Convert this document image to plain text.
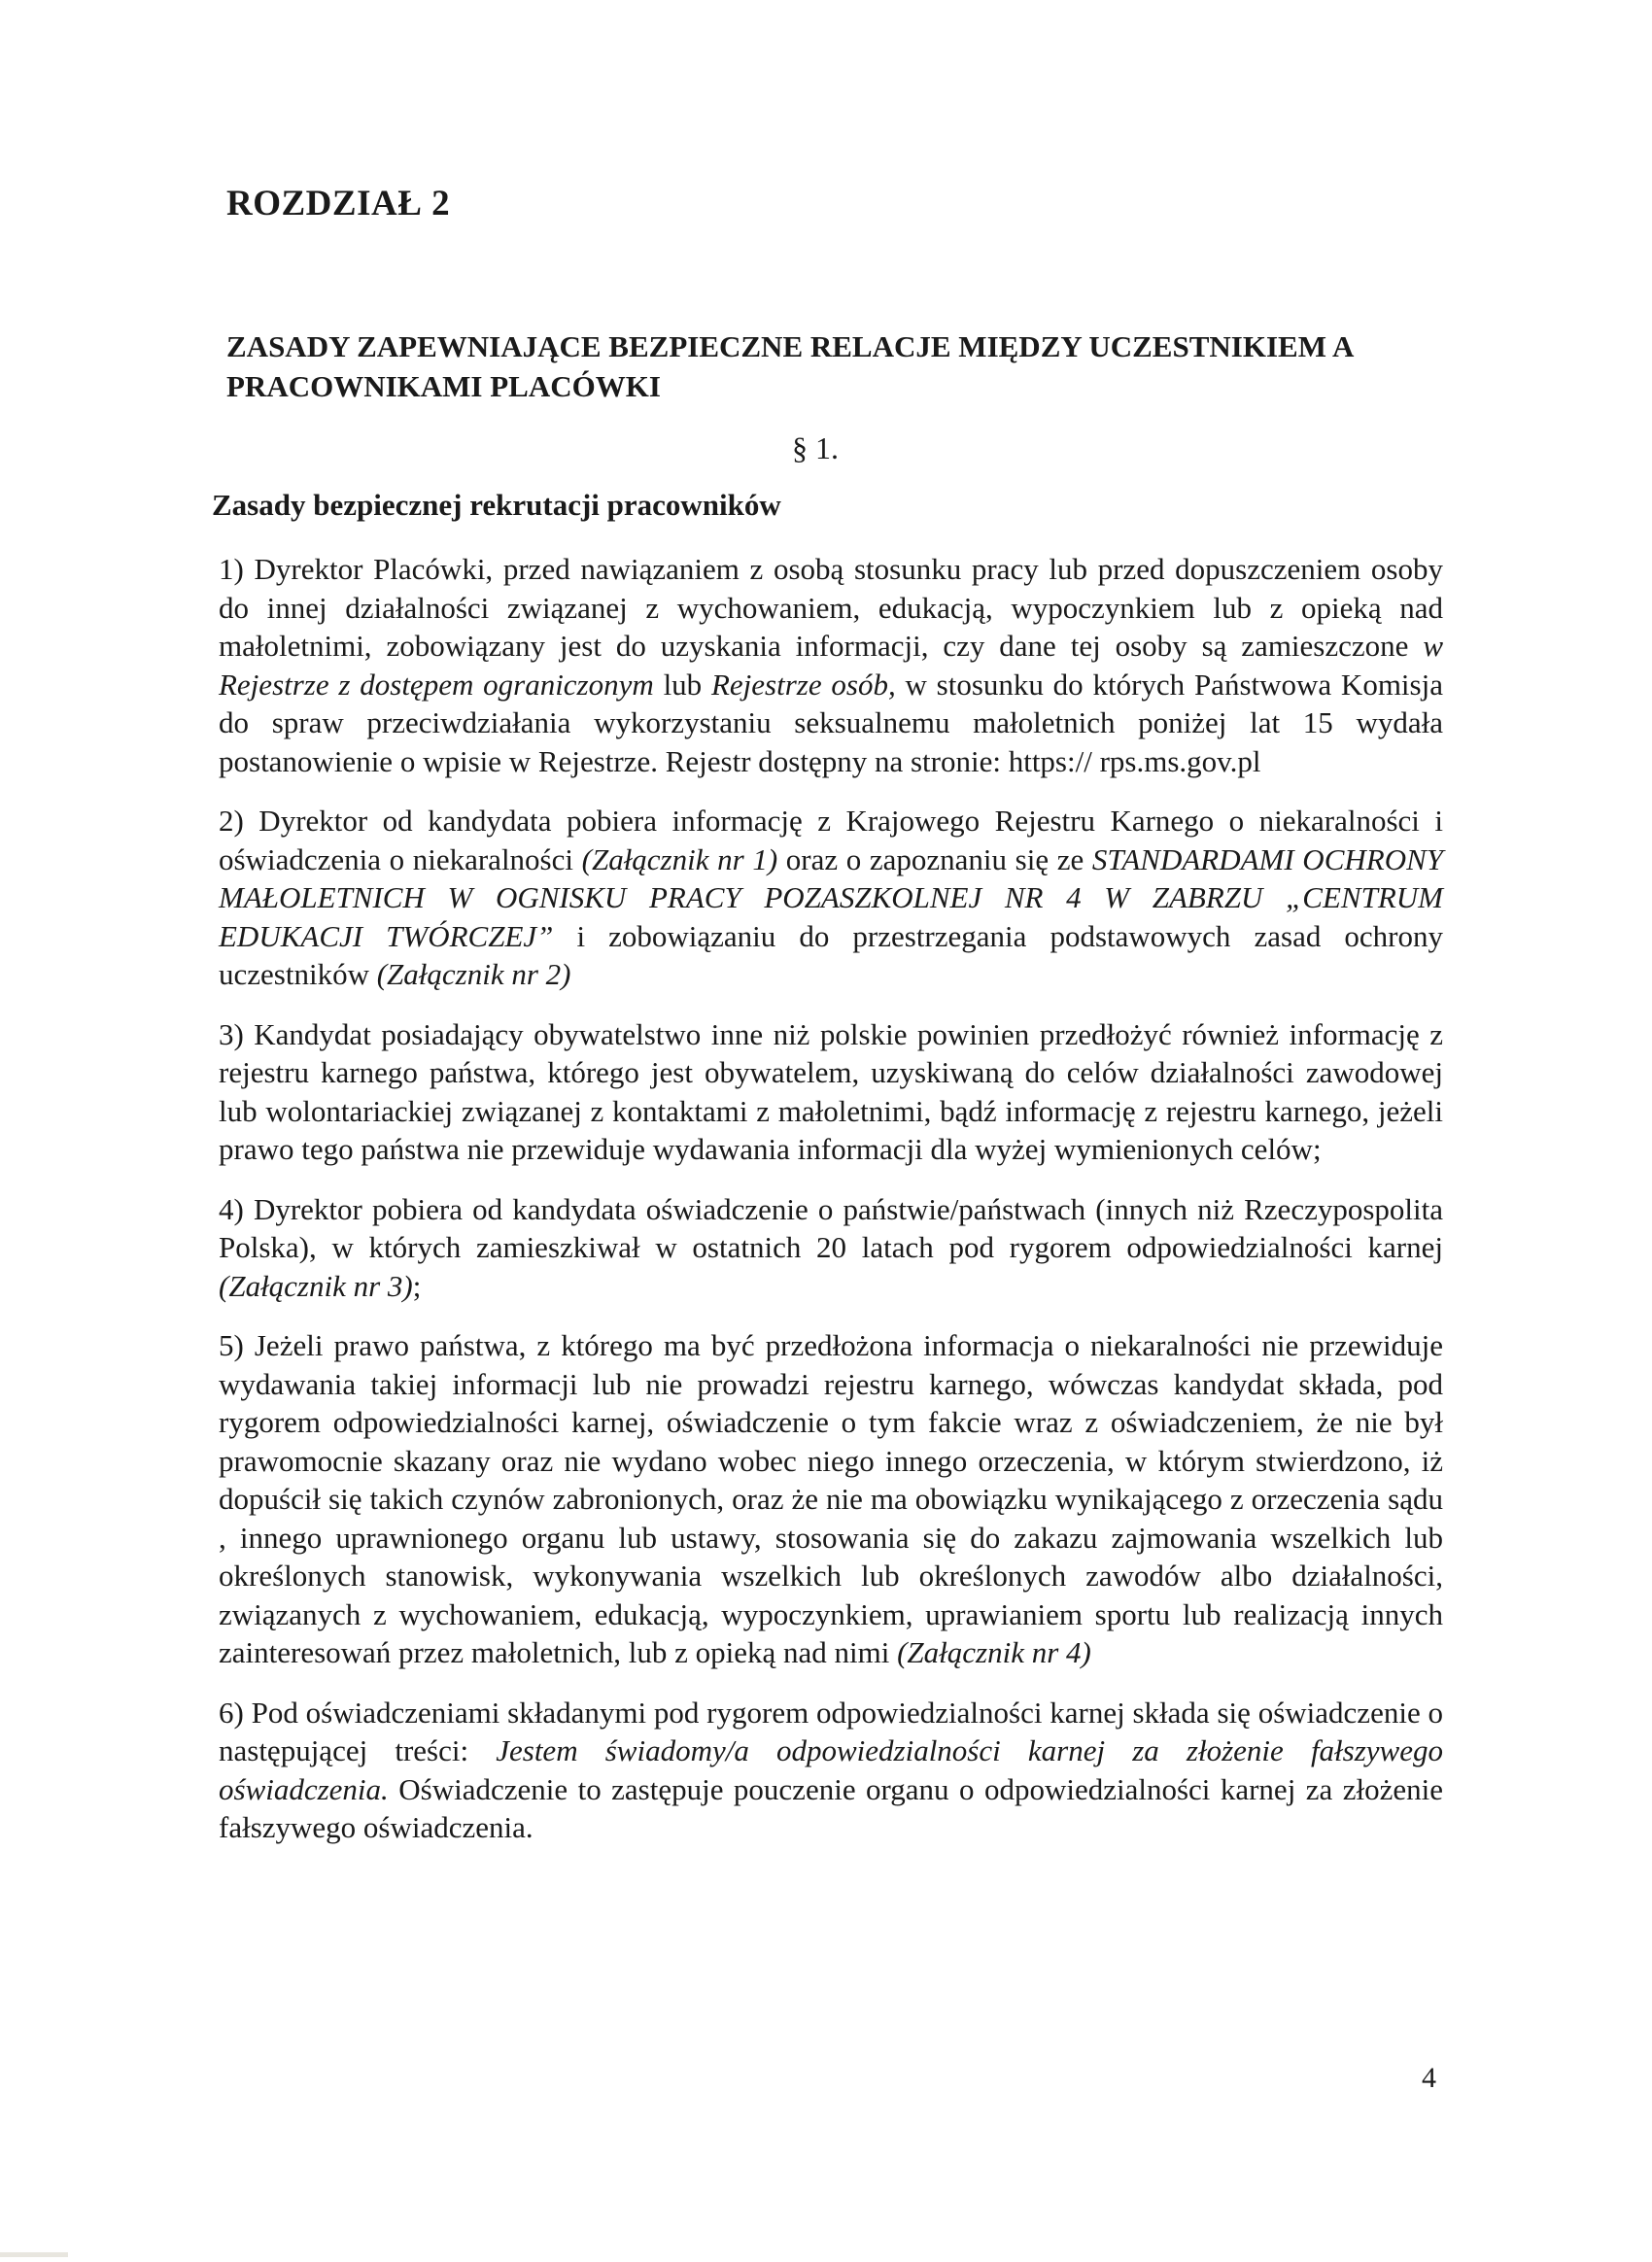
ROZDZIAŁ 2
ZASADY ZAPEWNIAJĄCE BEZPIECZNE RELACJE MIĘDZY UCZESTNIKIEM A PRACOWNIKAMI PLACÓWKI

§ 1.

Zasady bezpiecznej rekrutacji pracowników

1) Dyrektor Placówki, przed nawiązaniem z osobą stosunku pracy lub przed dopuszczeniem osoby do innej działalności związanej z wychowaniem, edukacją, wypoczynkiem lub z opieką nad małoletnimi, zobowiązany jest do uzyskania informacji, czy dane tej osoby są zamieszczone w Rejestrze z dostępem ograniczonym lub Rejestrze osób, w stosunku do których Państwowa Komisja do spraw przeciwdziałania wykorzystaniu seksualnemu małoletnich poniżej lat 15 wydała postanowienie o wpisie w Rejestrze. Rejestr dostępny na stronie: https:// rps.ms.gov.pl

2) Dyrektor od kandydata pobiera informację z Krajowego Rejestru Karnego o niekaralności i oświadczenia o niekaralności (Załącznik nr 1) oraz o zapoznaniu się ze STANDARDAMI OCHRONY MAŁOLETNICH W OGNISKU PRACY POZASZKOLNEJ NR 4 W ZABRZU „CENTRUM EDUKACJI TWÓRCZEJ” i zobowiązaniu do przestrzegania podstawowych zasad ochrony uczestników (Załącznik nr 2)

3) Kandydat posiadający obywatelstwo inne niż polskie powinien przedłożyć również informację z rejestru karnego państwa, którego jest obywatelem, uzyskiwaną do celów działalności zawodowej lub wolontariackiej związanej z kontaktami z małoletnimi, bądź informację z rejestru karnego, jeżeli prawo tego państwa nie przewiduje wydawania informacji dla wyżej wymienionych celów;

4) Dyrektor pobiera od kandydata oświadczenie o państwie/państwach (innych niż Rzeczypospolita Polska), w których zamieszkiwał w ostatnich 20 latach pod rygorem odpowiedzialności karnej (Załącznik nr 3);

5) Jeżeli prawo państwa, z którego ma być przedłożona informacja o niekaralności nie przewiduje wydawania takiej informacji lub nie prowadzi rejestru karnego, wówczas kandydat składa, pod rygorem odpowiedzialności karnej, oświadczenie o tym fakcie wraz z oświadczeniem, że nie był prawomocnie skazany oraz nie wydano wobec niego innego orzeczenia, w którym stwierdzono, iż dopuścił się takich czynów zabronionych, oraz że nie ma obowiązku wynikającego z orzeczenia sądu , innego uprawnionego organu lub ustawy, stosowania się do zakazu zajmowania wszelkich lub określonych stanowisk, wykonywania wszelkich lub określonych zawodów albo działalności, związanych z wychowaniem, edukacją, wypoczynkiem, uprawianiem sportu lub realizacją innych zainteresowań przez małoletnich, lub z opieką nad nimi (Załącznik nr 4)

6) Pod oświadczeniami składanymi pod rygorem odpowiedzialności karnej składa się oświadczenie o następującej treści: Jestem świadomy/a odpowiedzialności karnej za złożenie fałszywego oświadczenia. Oświadczenie to zastępuje pouczenie organu o odpowiedzialności karnej za złożenie fałszywego oświadczenia.

4
